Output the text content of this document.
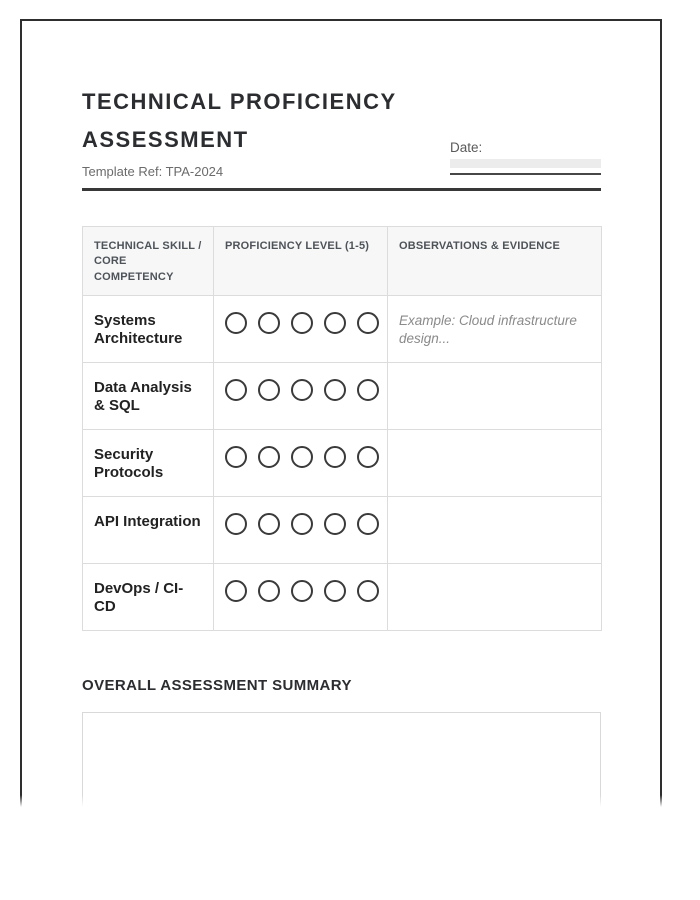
TECHNICAL PROFICIENCY ASSESSMENT
Template Ref: TPA-2024
Date:
TECHNICAL SKILL / CORE COMPETENCY	PROFICIENCY LEVEL (1-5)	OBSERVATIONS & EVIDENCE
Systems Architecture		Example: Cloud infrastructure design...
Data Analysis & SQL	

Security Protocols	

API Integration	

DevOps / CI-CD	

OVERALL ASSESSMENT SUMMARY
